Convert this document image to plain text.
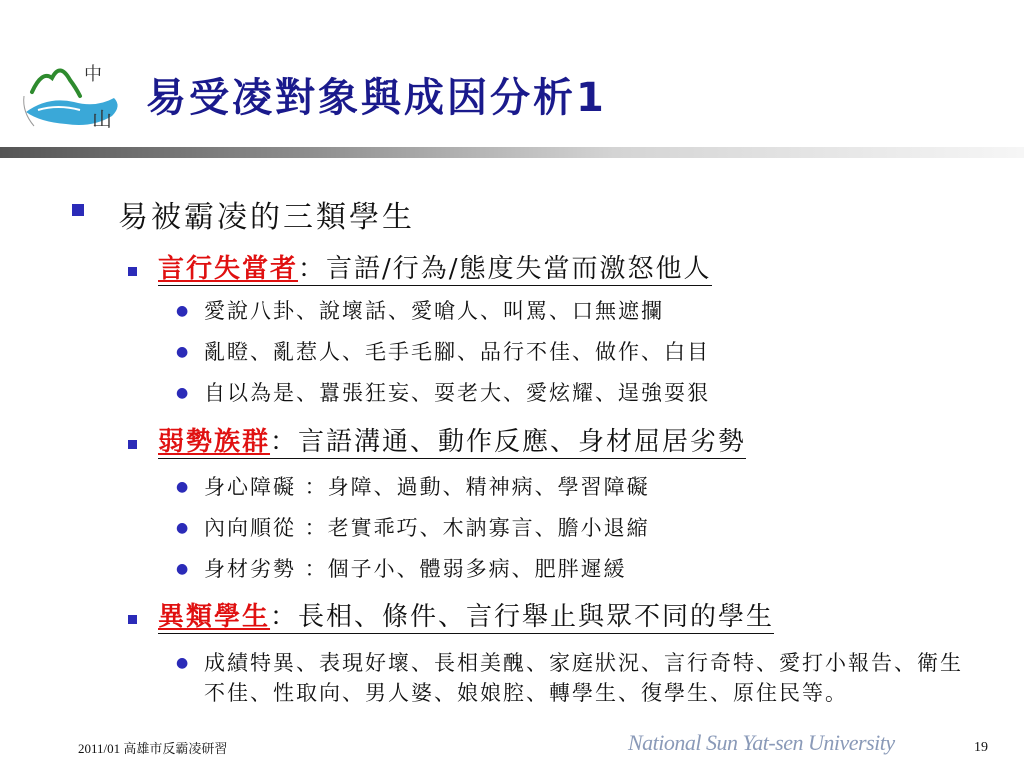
中
山 易受凌對象與成因分析1
易被霸凌的三類學生
言行失當者：言語/行為/態度失當而激怒他人
● 愛說八卦、說壞話、愛嗆人、叫罵、口無遮攔
● 亂瞪、亂惹人、毛手毛腳、品行不佳、做作、白目
● 自以為是、囂張狂妄、耍老大、愛炫耀、逞強耍狠
弱勢族群：言語溝通、動作反應、身材屈居劣勢
● 身心障礙 ：身障、過動、精神病、學習障礙
● 內向順從 ：老實乖巧、木訥寡言、膽小退縮
● 身材劣勢 ：個子小、體弱多病、肥胖遲緩
異類學生：長相、條件、言行舉止與眾不同的學生
● 成績特異、表現好壞、長相美醜、家庭狀況、言行奇特、愛打小報告、衛生不佳、性取向、男人婆、娘娘腔、轉學生、復學生、原住民等。
2011/01 高雄市反霸凌研習	National Sun Yat-sen University	19
